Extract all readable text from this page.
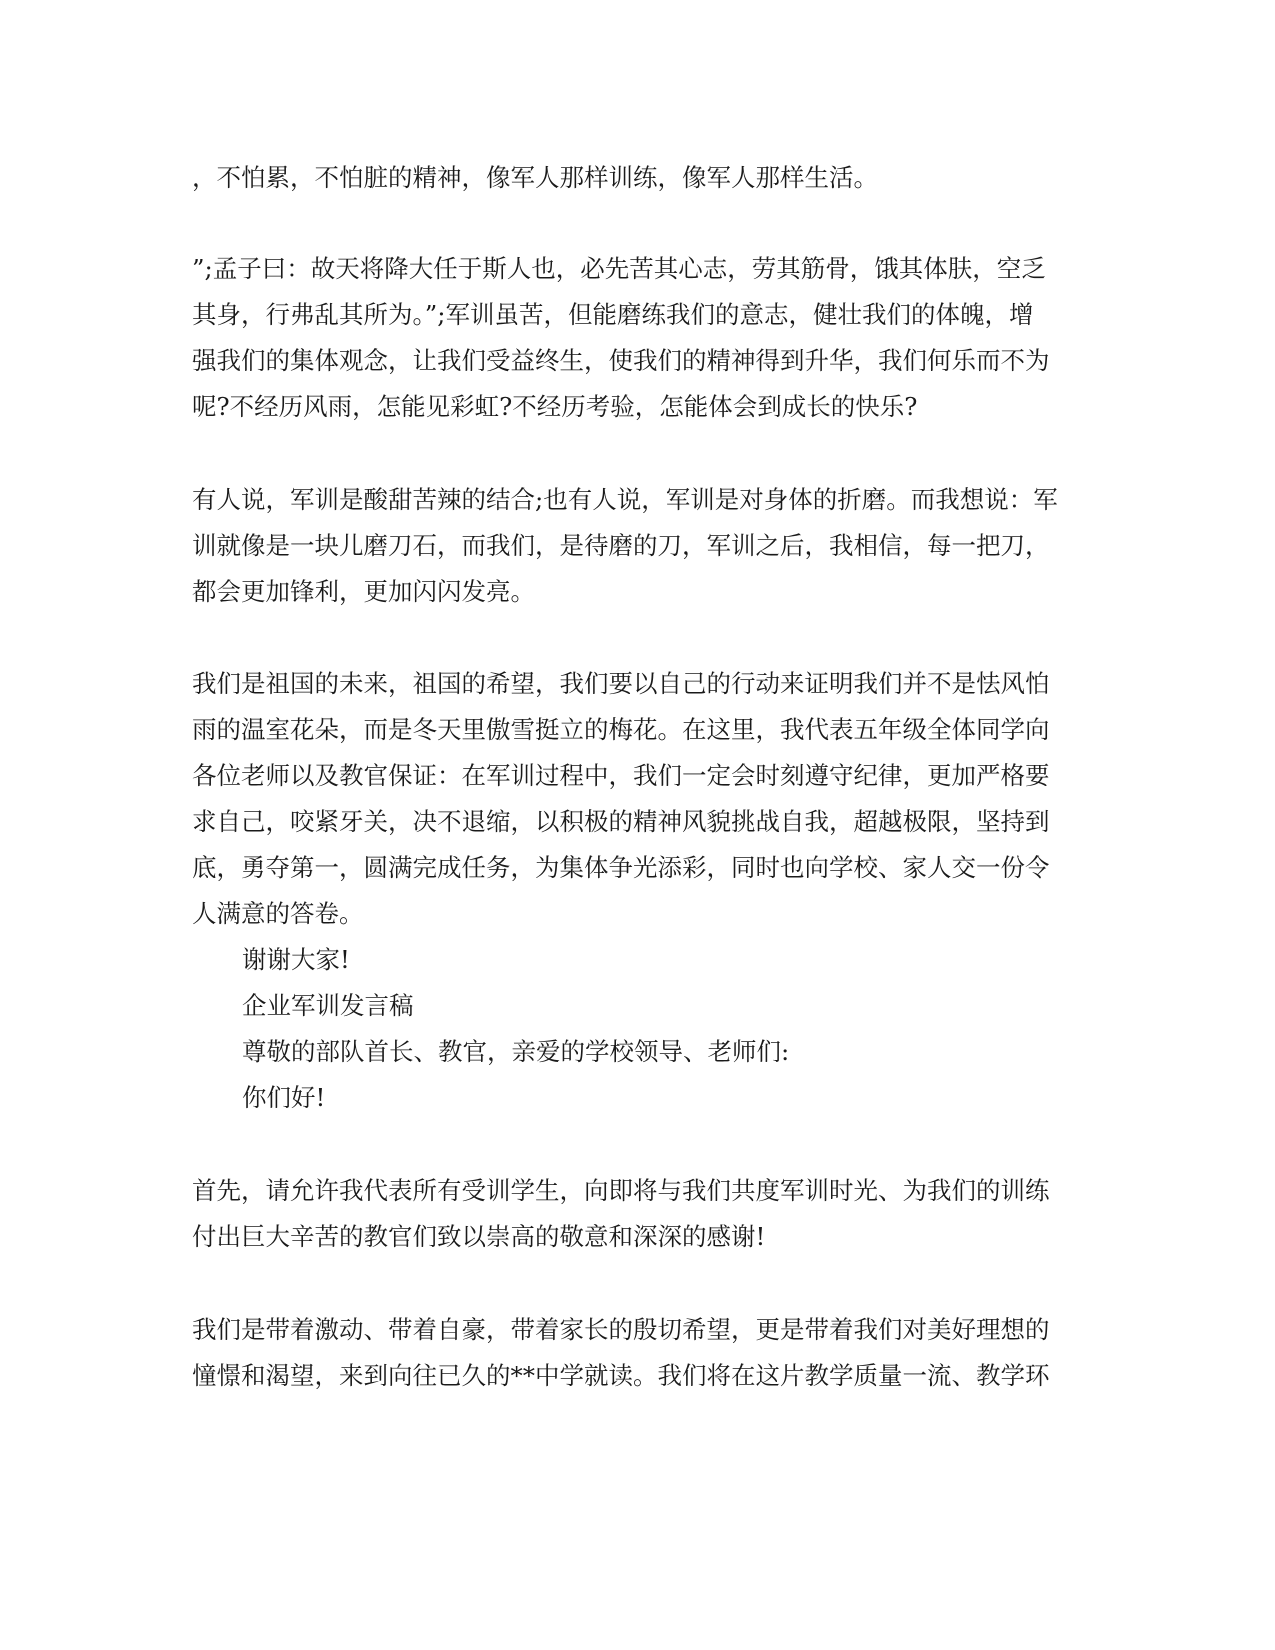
，不怕累，不怕脏的精神，像军人那样训练，像军人那样生活。
”;孟子曰：故天将降大任于斯人也，必先苦其心志，劳其筋骨，饿其体肤，空乏
其身，行弗乱其所为。”;军训虽苦，但能磨练我们的意志，健壮我们的体魄，增
强我们的集体观念，让我们受益终生，使我们的精神得到升华，我们何乐而不为
呢?不经历风雨，怎能见彩虹?不经历考验，怎能体会到成长的快乐?
有人说，军训是酸甜苦辣的结合;也有人说，军训是对身体的折磨。而我想说：军
训就像是一块儿磨刀石，而我们，是待磨的刀，军训之后，我相信，每一把刀，
都会更加锋利，更加闪闪发亮。
我们是祖国的未来，祖国的希望，我们要以自己的行动来证明我们并不是怯风怕
雨的温室花朵，而是冬天里傲雪挺立的梅花。在这里，我代表五年级全体同学向
各位老师以及教官保证：在军训过程中，我们一定会时刻遵守纪律，更加严格要
求自己，咬紧牙关，决不退缩，以积极的精神风貌挑战自我，超越极限，坚持到
底，勇夺第一，圆满完成任务，为集体争光添彩，同时也向学校、家人交一份令
人满意的答卷。
谢谢大家!
企业军训发言稿
尊敬的部队首长、教官，亲爱的学校领导、老师们:
你们好!
首先，请允许我代表所有受训学生，向即将与我们共度军训时光、为我们的训练
付出巨大辛苦的教官们致以崇高的敬意和深深的感谢!
我们是带着激动、带着自豪，带着家长的殷切希望，更是带着我们对美好理想的
憧憬和渴望，来到向往已久的**中学就读。我们将在这片教学质量一流、教学环
